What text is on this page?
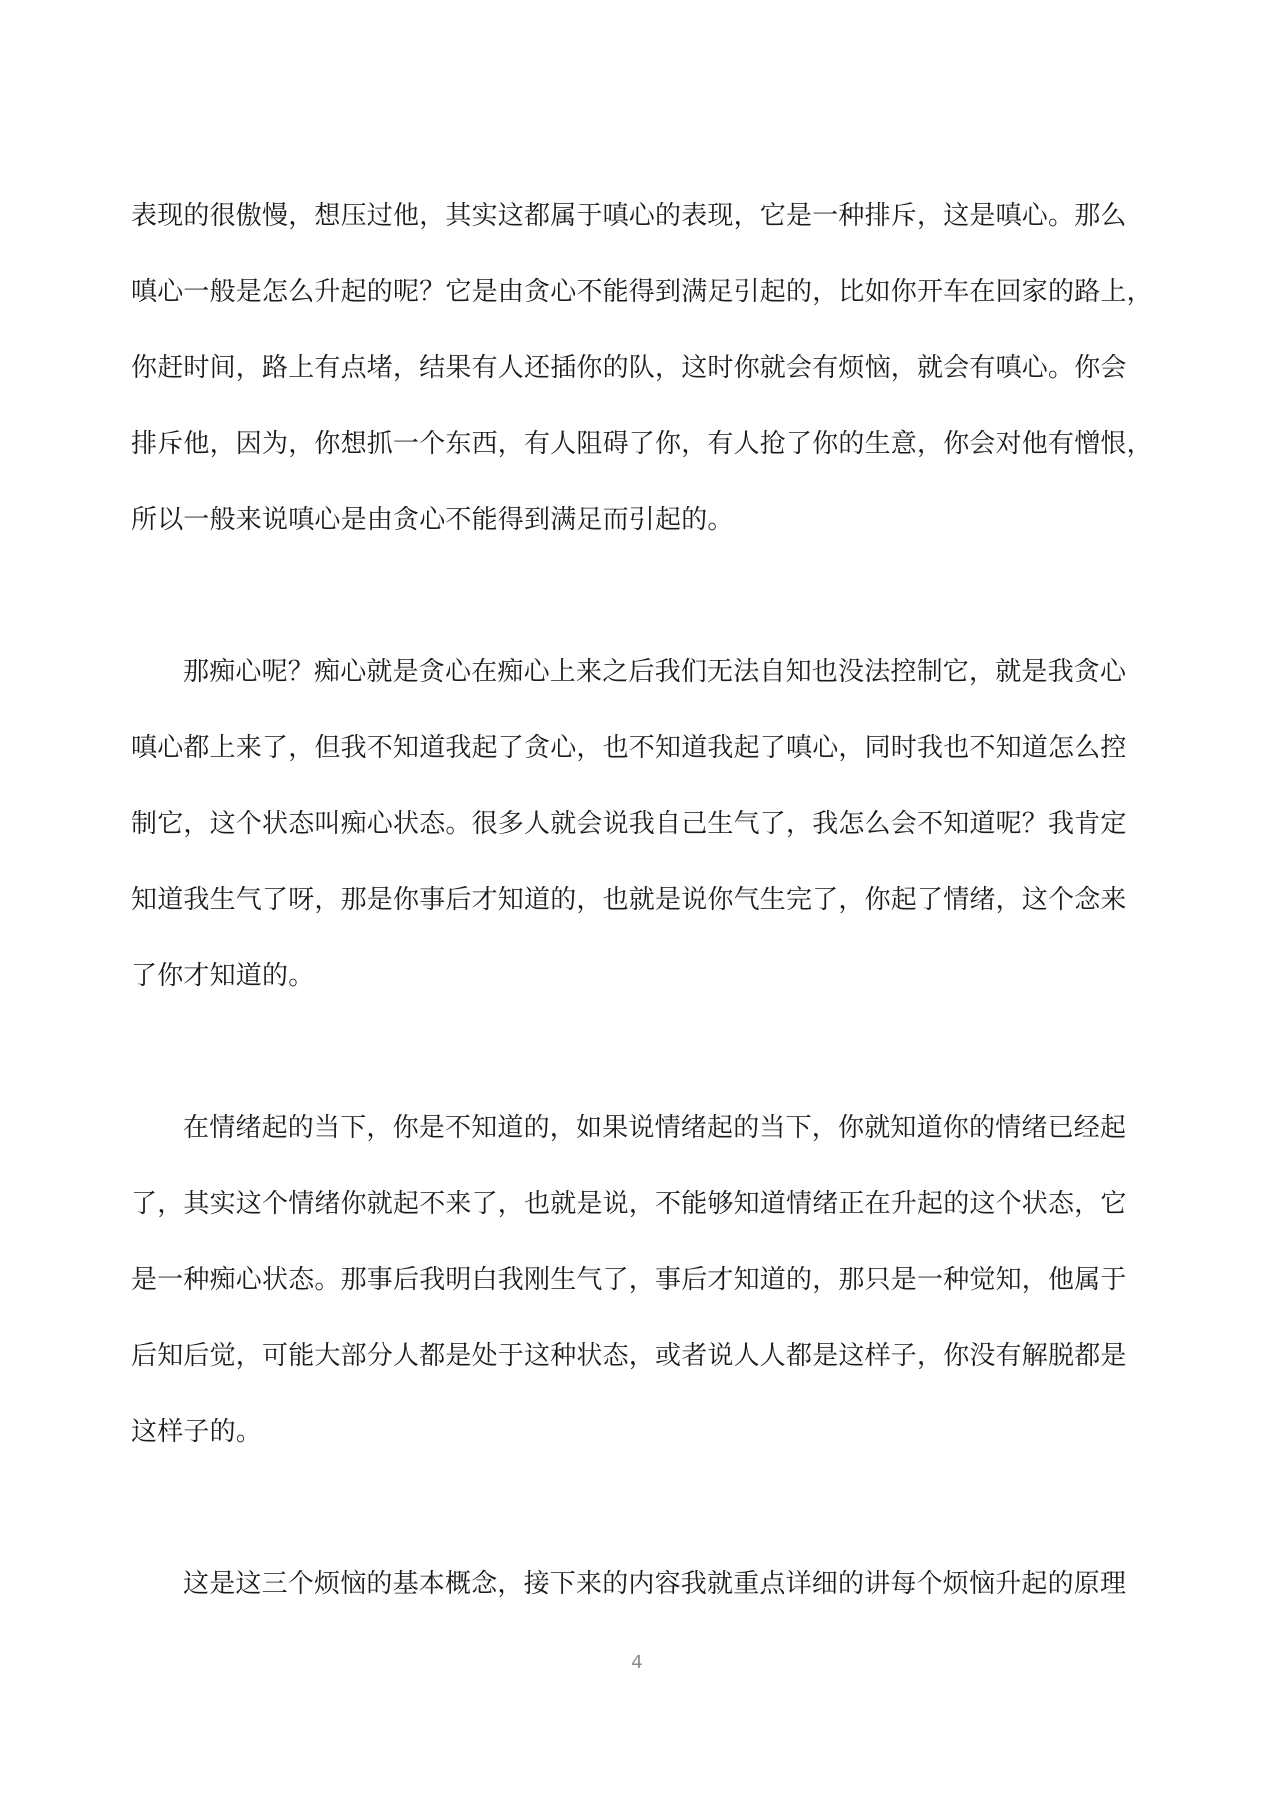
表现的很傲慢，想压过他，其实这都属于嗔心的表现，它是一种排斥，这是嗔心。那么
嗔心一般是怎么升起的呢？它是由贪心不能得到满足引起的，比如你开车在回家的路上，
你赶时间，路上有点堵，结果有人还插你的队，这时你就会有烦恼，就会有嗔心。你会
排斥他，因为，你想抓一个东西，有人阻碍了你，有人抢了你的生意，你会对他有憎恨，
所以一般来说嗔心是由贪心不能得到满足而引起的。
那痴心呢？痴心就是贪心在痴心上来之后我们无法自知也没法控制它，就是我贪心
嗔心都上来了，但我不知道我起了贪心，也不知道我起了嗔心，同时我也不知道怎么控
制它，这个状态叫痴心状态。很多人就会说我自己生气了，我怎么会不知道呢？我肯定
知道我生气了呀，那是你事后才知道的，也就是说你气生完了，你起了情绪，这个念来
了你才知道的。
在情绪起的当下，你是不知道的，如果说情绪起的当下，你就知道你的情绪已经起
了，其实这个情绪你就起不来了，也就是说，不能够知道情绪正在升起的这个状态，它
是一种痴心状态。那事后我明白我刚生气了，事后才知道的，那只是一种觉知，他属于
后知后觉，可能大部分人都是处于这种状态，或者说人人都是这样子，你没有解脱都是
这样子的。
这是这三个烦恼的基本概念，接下来的内容我就重点详细的讲每个烦恼升起的原理
4
